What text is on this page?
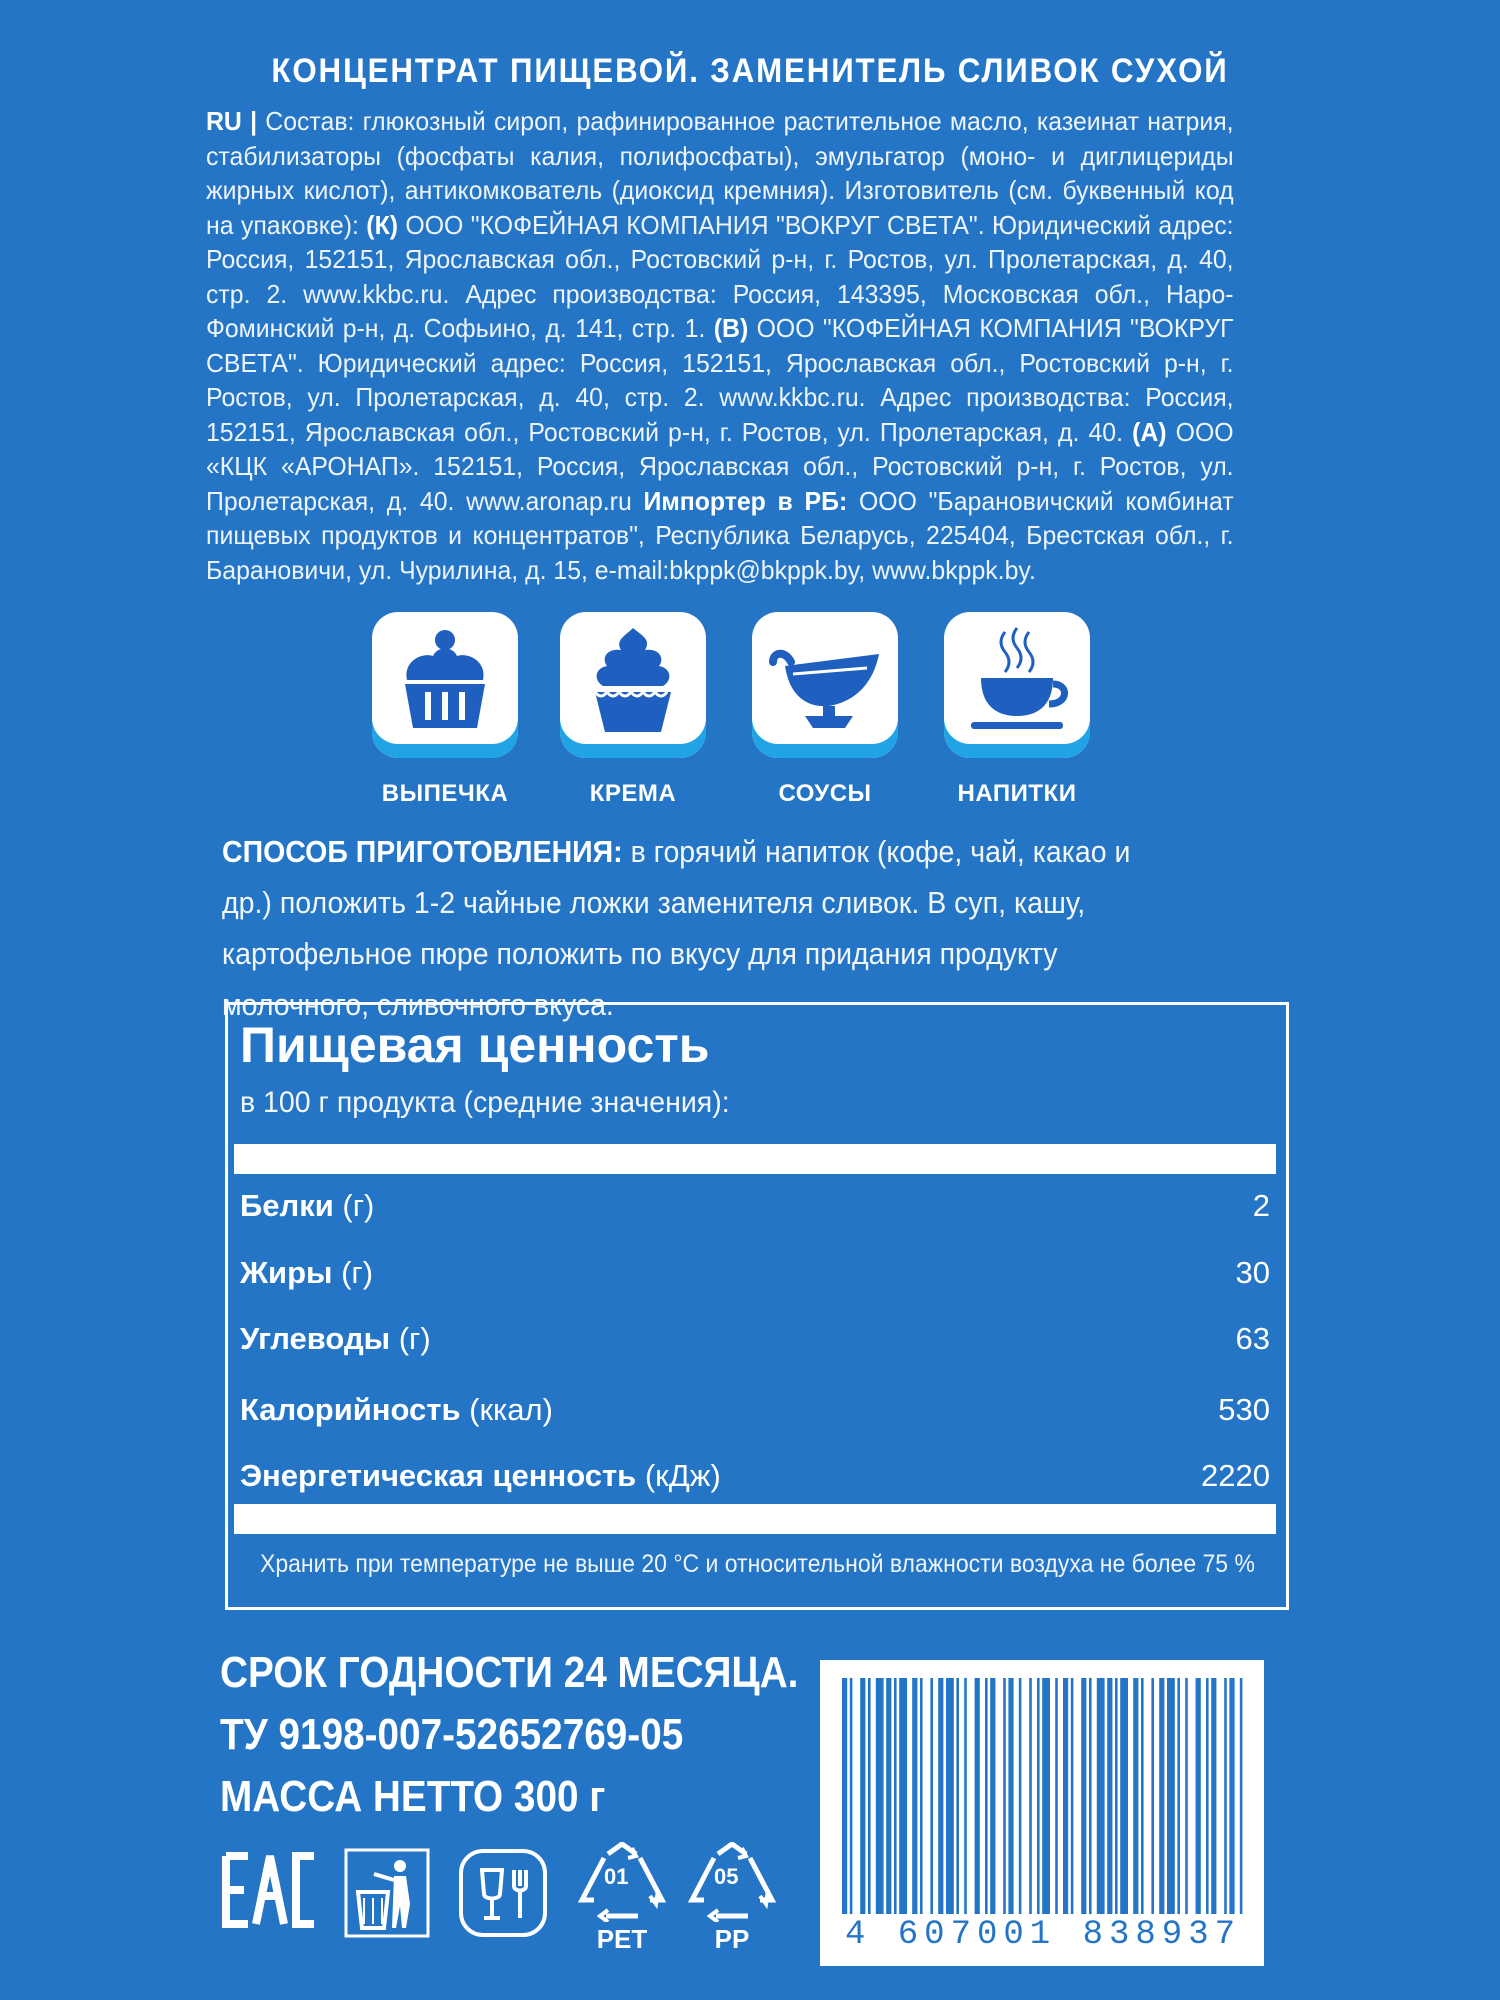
КОНЦЕНТРАТ ПИЩЕВОЙ. ЗАМЕНИТЕЛЬ СЛИВОК СУХОЙ
RU | Состав: глюкозный сироп, рафинированное растительное масло, казеинат натрия, стабилизаторы (фосфаты калия, полифосфаты), эмульгатор (моно- и диглицериды жирных кислот), антикомкователь (диоксид кремния). Изготовитель (см. буквенный код на упаковке): (К) ООО "КОФЕЙНАЯ КОМПАНИЯ "ВОКРУГ СВЕТА". Юридический адрес: Россия, 152151, Ярославская обл., Ростовский р-н, г. Ростов, ул. Пролетарская, д. 40, стр. 2. www.kkbc.ru. Адрес производства: Россия, 143395, Московская обл., Наро-Фоминский р-н, д. Софьино, д. 141, стр. 1. (В) ООО "КОФЕЙНАЯ КОМПАНИЯ "ВОКРУГ СВЕТА". Юридический адрес: Россия, 152151, Ярославская обл., Ростовский р-н, г. Ростов, ул. Пролетарская, д. 40, стр. 2. www.kkbc.ru. Адрес производства: Россия, 152151, Ярославская обл., Ростовский р-н, г. Ростов, ул. Пролетарская, д. 40. (А) ООО «КЦК «АРОНАП». 152151, Россия, Ярославская обл., Ростовский р-н, г. Ростов, ул. Пролетарская, д. 40. www.aronap.ru Импортер в РБ: ООО "Барановичский комбинат пищевых продуктов и концентратов", Республика Беларусь, 225404, Брестская обл., г. Барановичи, ул. Чурилина, д. 15, e-mail:bkppk@bkppk.by, www.bkppk.by.
ВЫПЕЧКА	КРЕМА	СОУСЫ	НАПИТКИ
СПОСОБ ПРИГОТОВЛЕНИЯ: в горячий напиток (кофе, чай, какао и др.) положить 1-2 чайные ложки заменителя сливок. В суп, кашу, картофельное пюре положить по вкусу для придания продукту молочного, сливочного вкуса.
Пищевая ценность
в 100 г продукта (средние значения):
Белки (г)	2
Жиры (г)	30
Углеводы (г)	63
Калорийность (ккал)	530
Энергетическая ценность (кДж)	2220
Хранить при температуре не выше 20 °С и относительной влажности воздуха не более 75 %
СРОК ГОДНОСТИ 24 МЕСЯЦА.
ТУ 9198-007-52652769-05
МАССА НЕТТО 300 г
01
PET
05
PP	4 607001 838937
